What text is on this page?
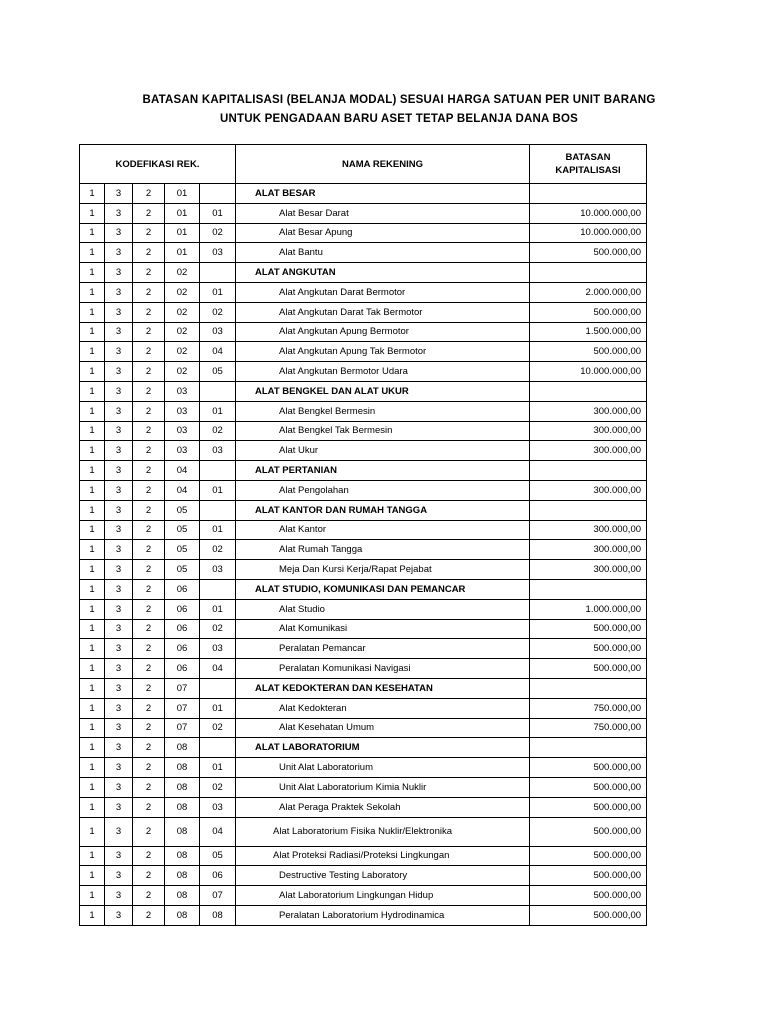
BATASAN KAPITALISASI (BELANJA MODAL) SESUAI HARGA SATUAN PER UNIT BARANG
UNTUK PENGADAAN BARU ASET TETAP BELANJA DANA BOS
KODEFIKASI REK.					NAMA REKENING	BATASAN
KAPITALISASI

1	3	2	01		ALAT BESAR	
1	3	2	01	01	Alat Besar Darat	10.000.000,00
1	3	2	01	02	Alat Besar Apung	10.000.000,00
1	3	2	01	03	Alat Bantu	500.000,00
1	3	2	02		ALAT ANGKUTAN	
1	3	2	02	01	Alat Angkutan Darat Bermotor	2.000.000,00
1	3	2	02	02	Alat Angkutan Darat Tak Bermotor	500.000,00
1	3	2	02	03	Alat Angkutan Apung Bermotor	1.500.000,00
1	3	2	02	04	Alat Angkutan Apung Tak Bermotor	500.000,00
1	3	2	02	05	Alat Angkutan Bermotor Udara	10.000.000,00
1	3	2	03		ALAT BENGKEL DAN ALAT UKUR	
1	3	2	03	01	Alat Bengkel Bermesin	300.000,00
1	3	2	03	02	Alat Bengkel Tak Bermesin	300.000,00
1	3	2	03	03	Alat Ukur	300.000,00
1	3	2	04		ALAT PERTANIAN	
1	3	2	04	01	Alat Pengolahan	300.000,00
1	3	2	05		ALAT KANTOR DAN RUMAH TANGGA	
1	3	2	05	01	Alat Kantor	300.000,00
1	3	2	05	02	Alat Rumah Tangga	300.000,00
1	3	2	05	03	Meja Dan Kursi Kerja/Rapat Pejabat	300.000,00
1	3	2	06		ALAT STUDIO, KOMUNIKASI DAN PEMANCAR	
1	3	2	06	01	Alat Studio	1.000.000,00
1	3	2	06	02	Alat Komunikasi	500.000,00
1	3	2	06	03	Peralatan Pemancar	500.000,00
1	3	2	06	04	Peralatan Komunikasi Navigasi	500.000,00
1	3	2	07		ALAT KEDOKTERAN DAN KESEHATAN	
1	3	2	07	01	Alat Kedokteran	750.000,00
1	3	2	07	02	Alat Kesehatan Umum	750.000,00
1	3	2	08		ALAT LABORATORIUM	
1	3	2	08	01	Unit Alat Laboratorium	500.000,00
1	3	2	08	02	Unit Alat Laboratorium Kimia Nuklir	500.000,00
1	3	2	08	03	Alat Peraga Praktek Sekolah	500.000,00
1	3	2	08	04	Alat Laboratorium Fisika Nuklir/Elektronika	500.000,00
1	3	2	08	05	Alat Proteksi Radiasi/Proteksi Lingkungan	500.000,00
1	3	2	08	06	Destructive Testing Laboratory	500.000,00
1	3	2	08	07	Alat Laboratorium Lingkungan Hidup	500.000,00
1	3	2	08	08	Peralatan Laboratorium Hydrodinamica	500.000,00
